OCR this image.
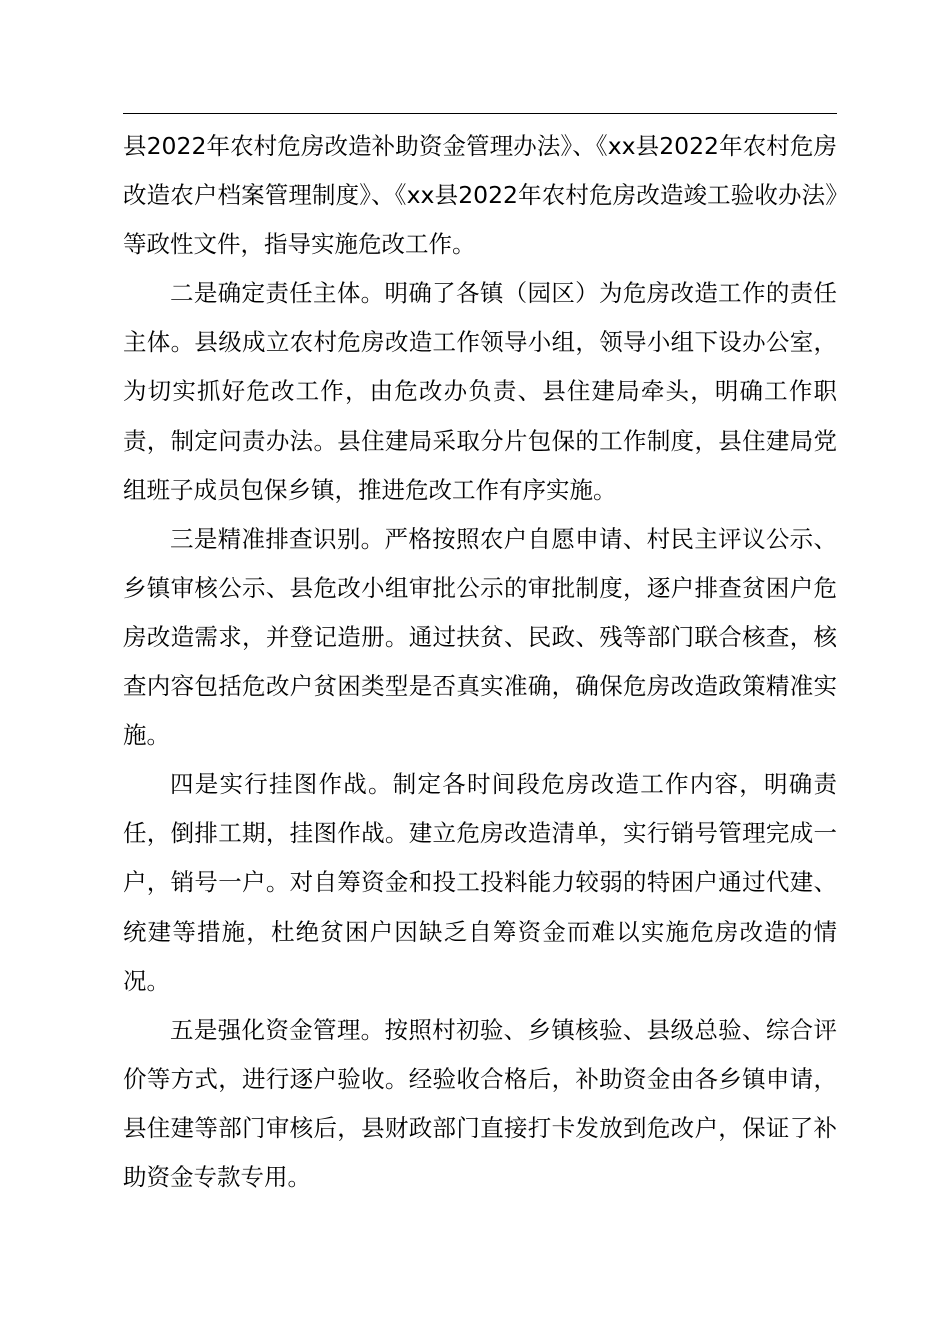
县2022年农村危房改造补助资金管理办法》、《xx县2022年农村危房改造农户档案管理制度》、《xx县2022年农村危房改造竣工验收办法》等政性文件，指导实施危改工作。

二是确定责任主体。明确了各镇（园区）为危房改造工作的责任主体。县级成立农村危房改造工作领导小组，领导小组下设办公室，为切实抓好危改工作，由危改办负责、县住建局牵头，明确工作职责，制定问责办法。县住建局采取分片包保的工作制度，县住建局党组班子成员包保乡镇，推进危改工作有序实施。

三是精准排查识别。严格按照农户自愿申请、村民主评议公示、乡镇审核公示、县危改小组审批公示的审批制度，逐户排查贫困户危房改造需求，并登记造册。通过扶贫、民政、残等部门联合核查，核查内容包括危改户贫困类型是否真实准确，确保危房改造政策精准实施。

四是实行挂图作战。制定各时间段危房改造工作内容，明确责任，倒排工期，挂图作战。建立危房改造清单，实行销号管理完成一户，销号一户。对自筹资金和投工投料能力较弱的特困户通过代建、统建等措施，杜绝贫困户因缺乏自筹资金而难以实施危房改造的情况。

五是强化资金管理。按照村初验、乡镇核验、县级总验、综合评价等方式，进行逐户验收。经验收合格后，补助资金由各乡镇申请，县住建等部门审核后，县财政部门直接打卡发放到危改户，保证了补助资金专款专用。
